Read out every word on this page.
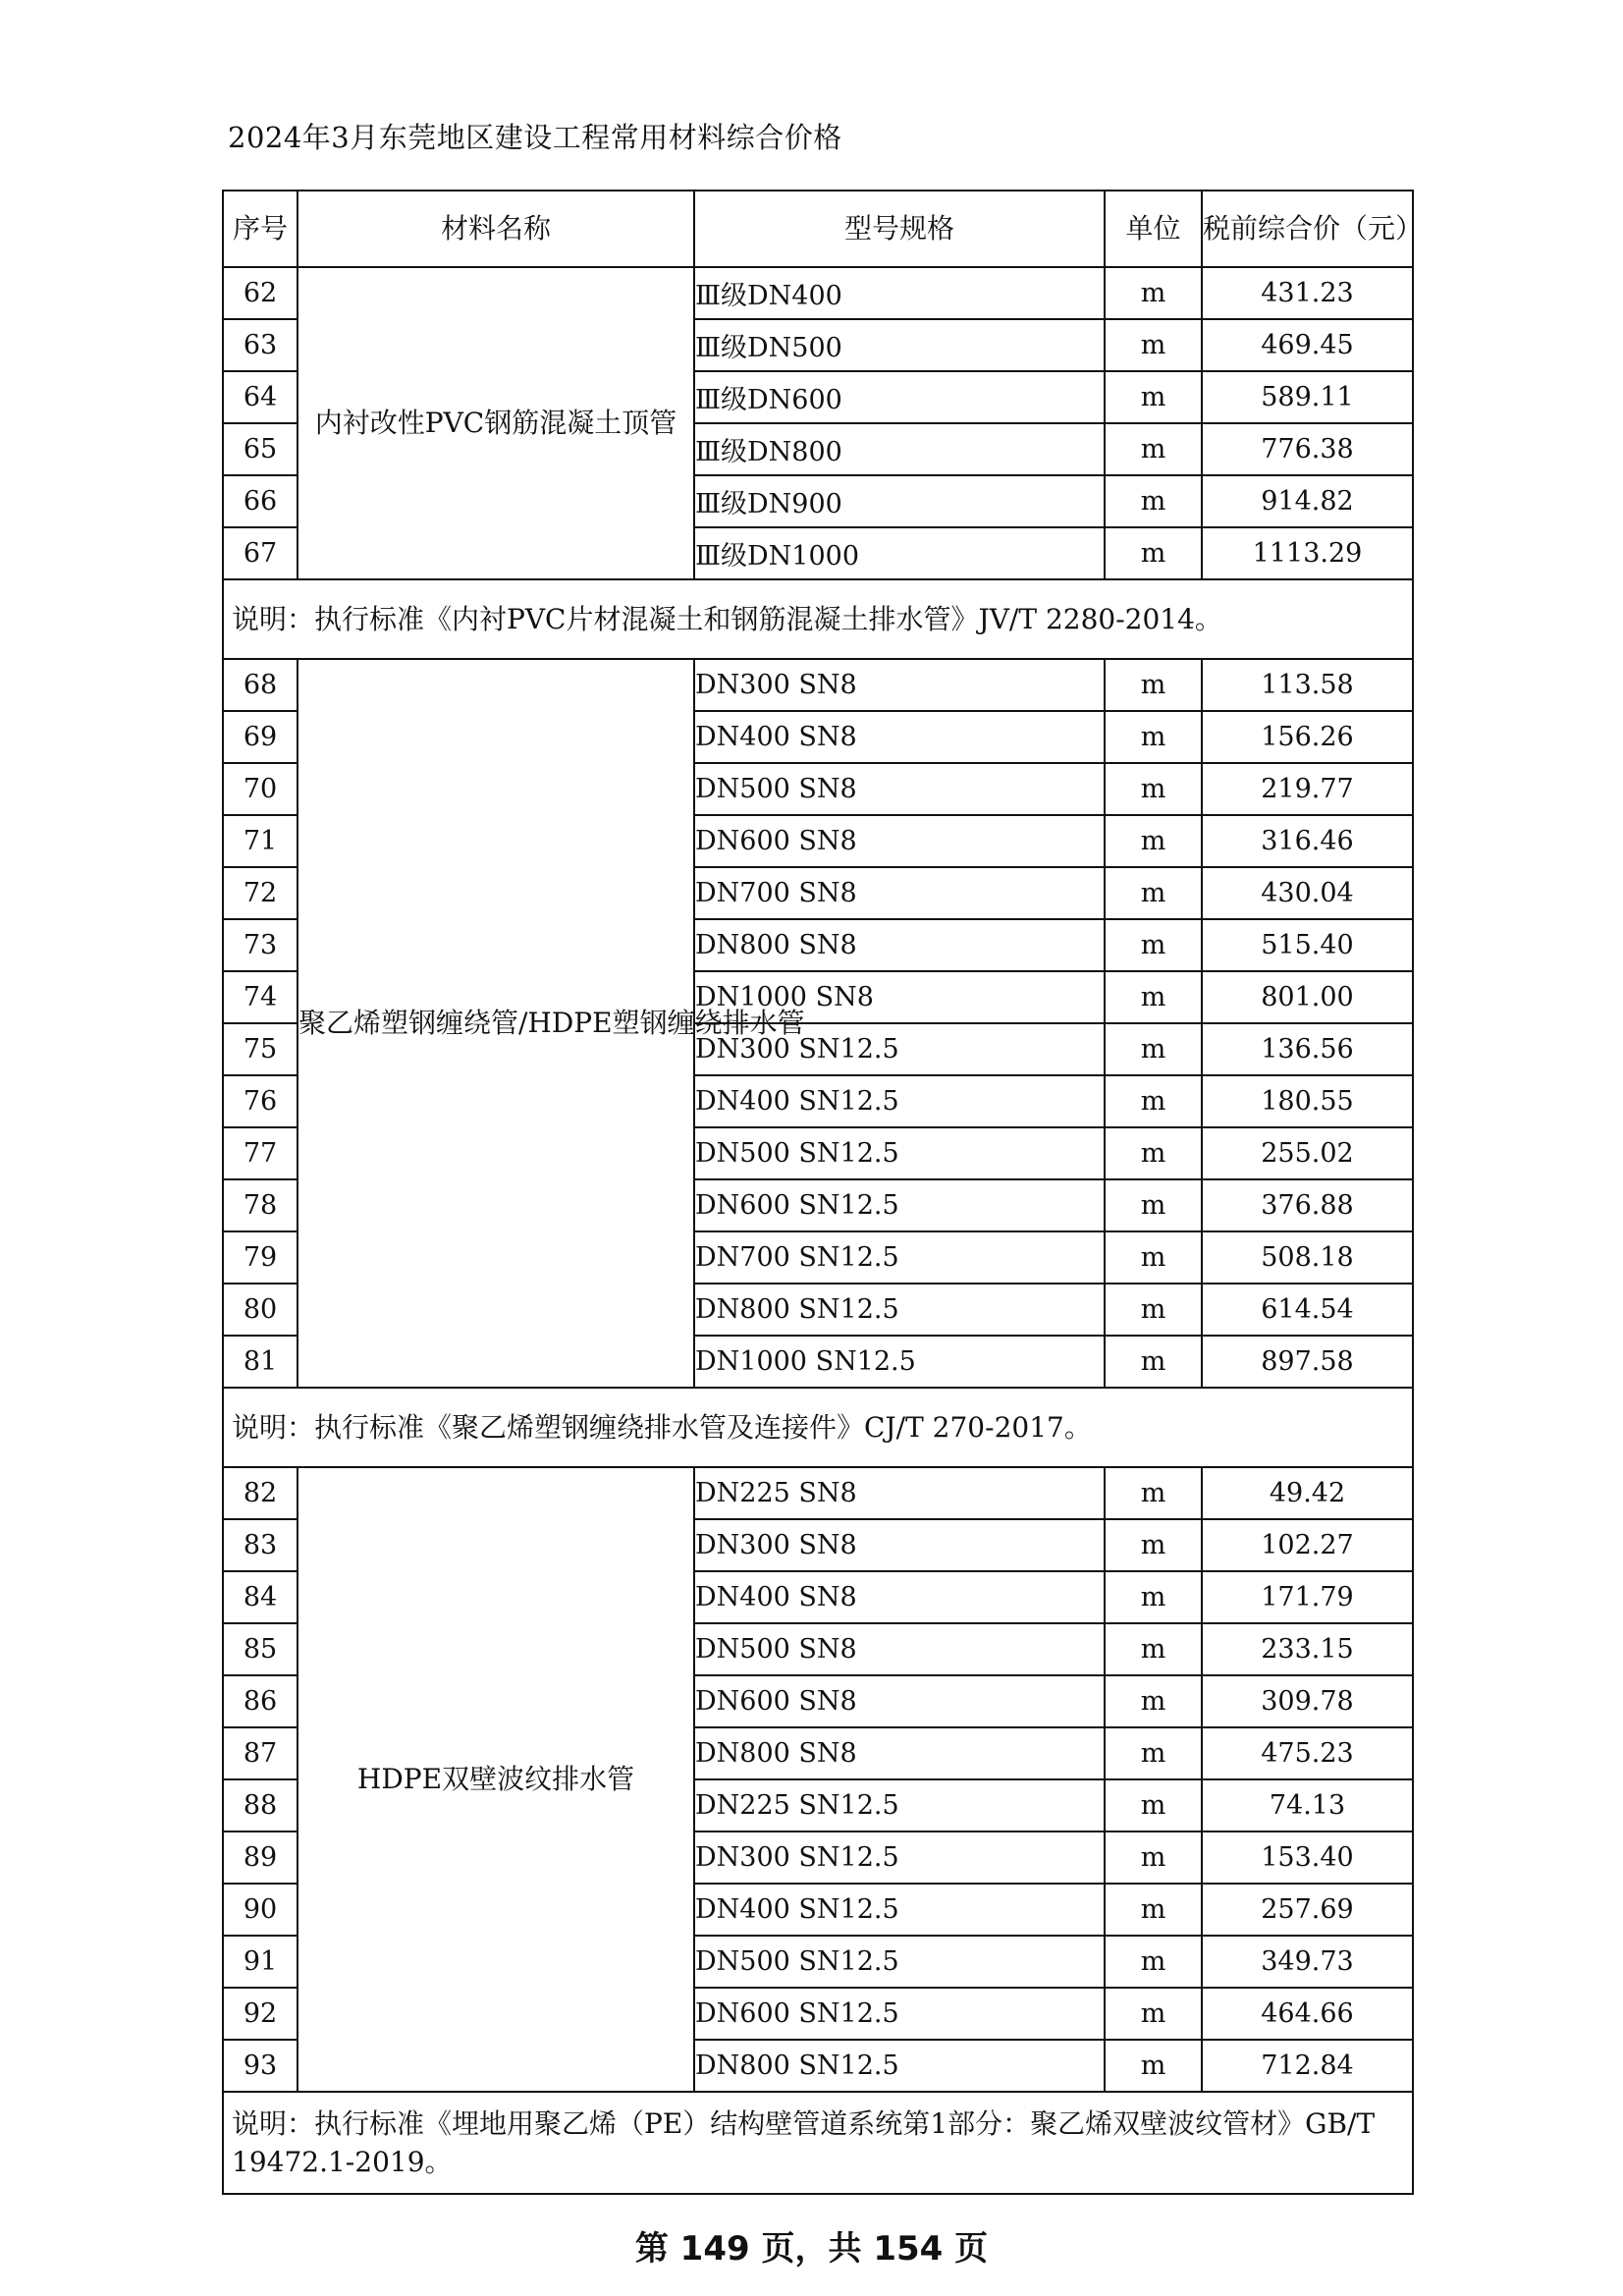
2024年3月东莞地区建设工程常用材料综合价格
序号	材料名称	型号规格	单位	税前综合价（元）
62	内衬改性PVC钢筋混凝土顶管	Ⅲ级DN400	m	431.23
63		Ⅲ级DN500	m	469.45
64		Ⅲ级DN600	m	589.11
65		Ⅲ级DN800	m	776.38
66		Ⅲ级DN900	m	914.82
67		Ⅲ级DN1000	m	1113.29
说明：执行标准《内衬PVC片材混凝土和钢筋混凝土排水管》JV/T 2280-2014。				
68	聚乙烯塑钢缠绕管/HDPE塑钢缠绕排水管	DN300 SN8	m	113.58
69		DN400 SN8	m	156.26
70		DN500 SN8	m	219.77
71		DN600 SN8	m	316.46
72		DN700 SN8	m	430.04
73		DN800 SN8	m	515.40
74		DN1000 SN8	m	801.00
75		DN300 SN12.5	m	136.56
76		DN400 SN12.5	m	180.55
77		DN500 SN12.5	m	255.02
78		DN600 SN12.5	m	376.88
79		DN700 SN12.5	m	508.18
80		DN800 SN12.5	m	614.54
81		DN1000 SN12.5	m	897.58
说明：执行标准《聚乙烯塑钢缠绕排水管及连接件》CJ/T 270-2017。				
82	HDPE双壁波纹排水管	DN225 SN8	m	49.42
83		DN300 SN8	m	102.27
84		DN400 SN8	m	171.79
85		DN500 SN8	m	233.15
86		DN600 SN8	m	309.78
87		DN800 SN8	m	475.23
88		DN225 SN12.5	m	74.13
89		DN300 SN12.5	m	153.40
90		DN400 SN12.5	m	257.69
91		DN500 SN12.5	m	349.73
92		DN600 SN12.5	m	464.66
93		DN800 SN12.5	m	712.84
说明：执行标准《埋地用聚乙烯（PE）结构壁管道系统第1部分：聚乙烯双壁波纹管材》GB/T 19472.1-2019。				
第 149 页，共 154 页
